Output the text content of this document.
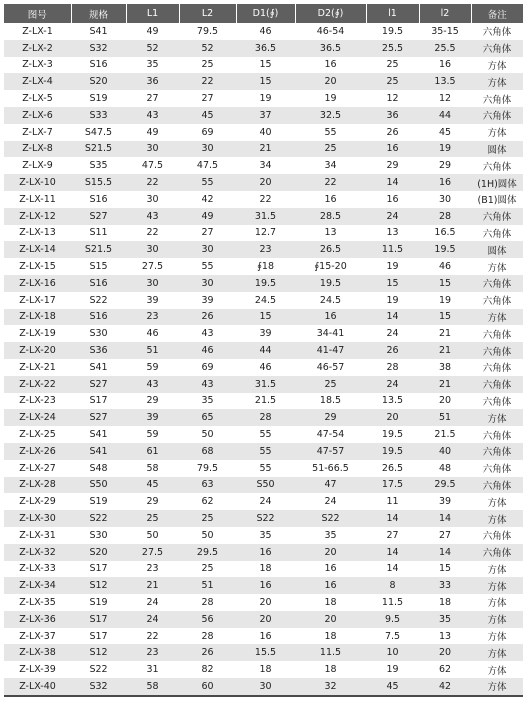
图号	规格	L1	L2	D1(∮)	D2(∮)	l1	l2	备注
Z-LX-1	S41	49	79.5	46	46-54	19.5	35-15	六角体
Z-LX-2	S32	52	52	36.5	36.5	25.5	25.5	六角体
Z-LX-3	S16	35	25	15	16	25	16	方体
Z-LX-4	S20	36	22	15	20	25	13.5	方体
Z-LX-5	S19	27	27	19	19	12	12	六角体
Z-LX-6	S33	43	45	37	32.5	36	44	六角体
Z-LX-7	S47.5	49	69	40	55	26	45	方体
Z-LX-8	S21.5	30	30	21	25	16	19	圆体
Z-LX-9	S35	47.5	47.5	34	34	29	29	六角体
Z-LX-10	S15.5	22	55	20	22	14	16	(1H)圆体
Z-LX-11	S16	30	42	22	16	16	30	(B1)圆体
Z-LX-12	S27	43	49	31.5	28.5	24	28	六角体
Z-LX-13	S11	22	27	12.7	13	13	16.5	六角体
Z-LX-14	S21.5	30	30	23	26.5	11.5	19.5	圆体
Z-LX-15	S15	27.5	55	∮18	∮15-20	19	46	方体
Z-LX-16	S16	30	30	19.5	19.5	15	15	六角体
Z-LX-17	S22	39	39	24.5	24.5	19	19	六角体
Z-LX-18	S16	23	26	15	16	14	15	方体
Z-LX-19	S30	46	43	39	34-41	24	21	六角体
Z-LX-20	S36	51	46	44	41-47	26	21	六角体
Z-LX-21	S41	59	69	46	46-57	28	38	六角体
Z-LX-22	S27	43	43	31.5	25	24	21	六角体
Z-LX-23	S17	29	35	21.5	18.5	13.5	20	六角体
Z-LX-24	S27	39	65	28	29	20	51	方体
Z-LX-25	S41	59	50	55	47-54	19.5	21.5	六角体
Z-LX-26	S41	61	68	55	47-57	19.5	40	六角体
Z-LX-27	S48	58	79.5	55	51-66.5	26.5	48	六角体
Z-LX-28	S50	45	63	S50	47	17.5	29.5	六角体
Z-LX-29	S19	29	62	24	24	11	39	方体
Z-LX-30	S22	25	25	S22	S22	14	14	方体
Z-LX-31	S30	50	50	35	35	27	27	六角体
Z-LX-32	S20	27.5	29.5	16	20	14	14	六角体
Z-LX-33	S17	23	25	18	16	14	15	方体
Z-LX-34	S12	21	51	16	16	8	33	方体
Z-LX-35	S19	24	28	20	18	11.5	18	方体
Z-LX-36	S17	24	56	20	20	9.5	35	方体
Z-LX-37	S17	22	28	16	18	7.5	13	方体
Z-LX-38	S12	23	26	15.5	11.5	10	20	方体
Z-LX-39	S22	31	82	18	18	19	62	方体
Z-LX-40	S32	58	60	30	32	45	42	方体
